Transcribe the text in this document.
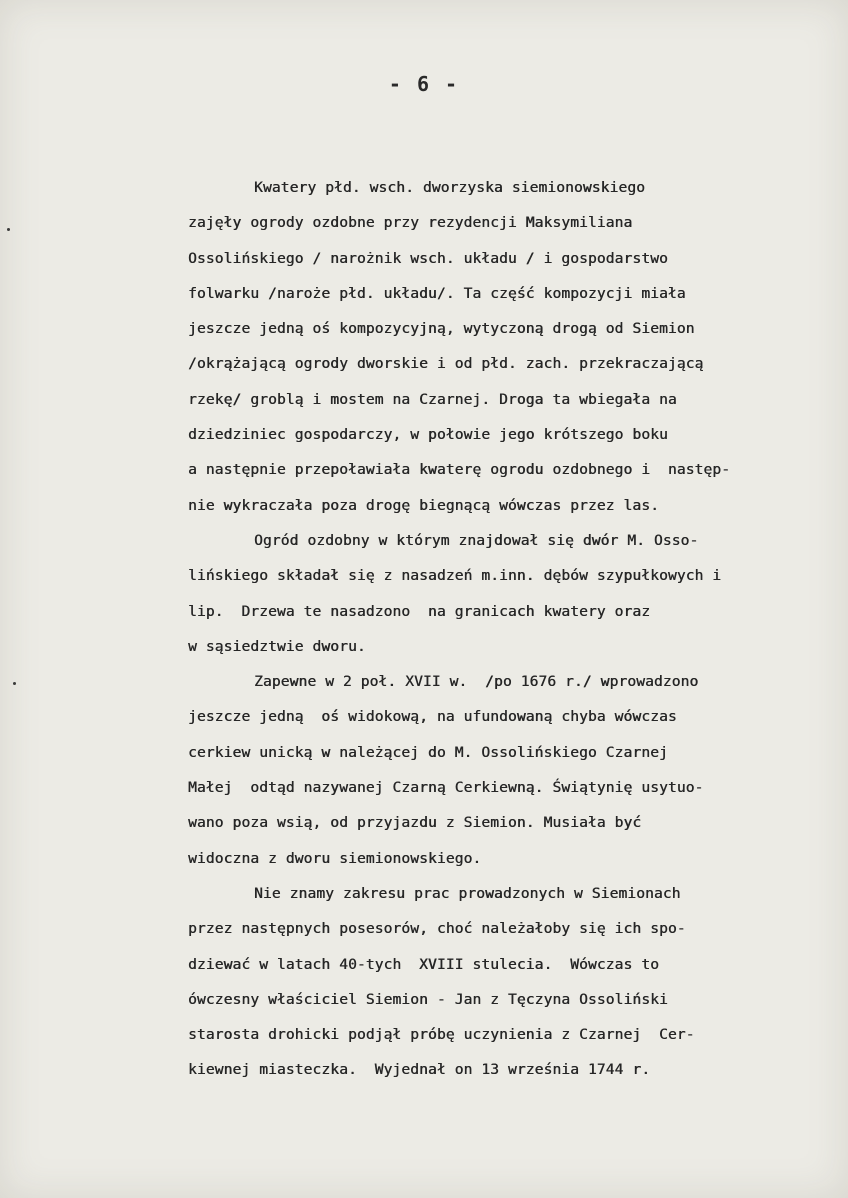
- 6 -
Kwatery płd. wsch. dworzyska siemionowskiego
zajęły ogrody ozdobne przy rezydencji Maksymiliana
Ossolińskiego / narożnik wsch. układu / i gospodarstwo
folwarku /naroże płd. układu/. Ta część kompozycji miała
jeszcze jedną oś kompozycyjną, wytyczoną drogą od Siemion
/okrążającą ogrody dworskie i od płd. zach. przekraczającą
rzekę/ groblą i mostem na Czarnej. Droga ta wbiegała na
dziedziniec gospodarczy, w połowie jego krótszego boku
a następnie przepoławiała kwaterę ogrodu ozdobnego i  następ-
nie wykraczała poza drogę biegnącą wówczas przez las.
Ogród ozdobny w którym znajdował się dwór M. Osso-
lińskiego składał się z nasadzeń m.inn. dębów szypułkowych i
lip.  Drzewa te nasadzono  na granicach kwatery oraz
w sąsiedztwie dworu.
Zapewne w 2 poł. XVII w.  /po 1676 r./ wprowadzono
jeszcze jedną  oś widokową, na ufundowaną chyba wówczas
cerkiew unicką w należącej do M. Ossolińskiego Czarnej
Małej  odtąd nazywanej Czarną Cerkiewną. Świątynię usytuo-
wano poza wsią, od przyjazdu z Siemion. Musiała być
widoczna z dworu siemionowskiego.
Nie znamy zakresu prac prowadzonych w Siemionach
przez następnych posesorów, choć należałoby się ich spo-
dziewać w latach 40-tych  XVIII stulecia.  Wówczas to
ówczesny właściciel Siemion - Jan z Tęczyna Ossoliński
starosta drohicki podjął próbę uczynienia z Czarnej  Cer-
kiewnej miasteczka.  Wyjednał on 13 września 1744 r.
